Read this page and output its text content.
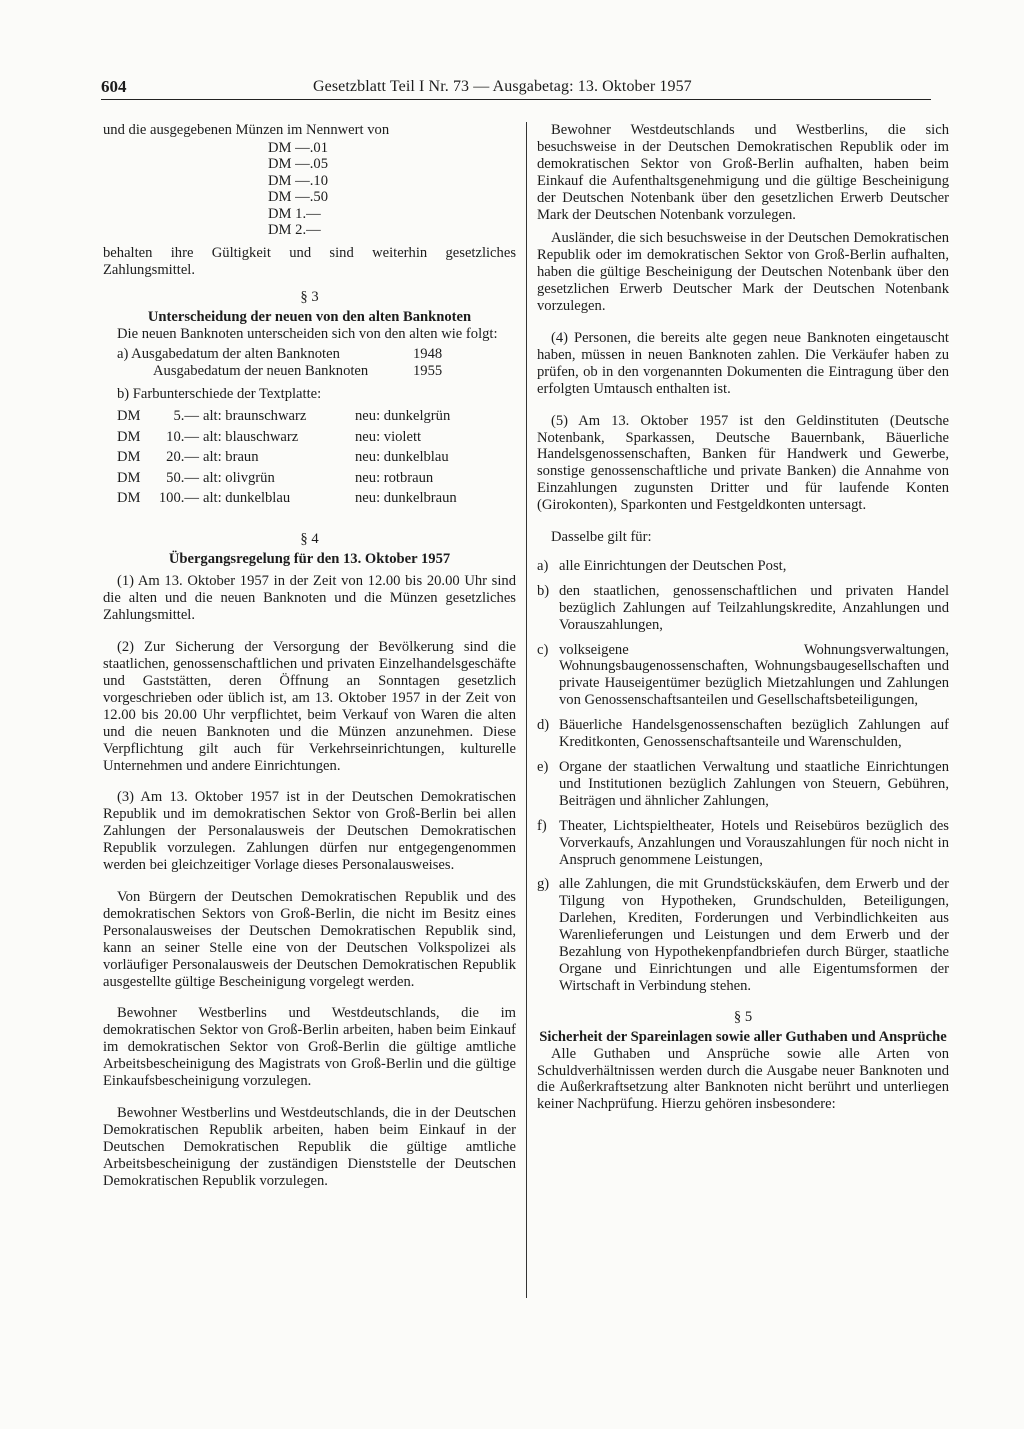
604	Gesetzblatt Teil I Nr. 73 — Ausgabetag: 13. Oktober 1957

und die ausgegebenen Münzen im Nennwert von

DM —.01
DM —.05
DM —.10
DM —.50
DM 1.—
DM 2.—

behalten ihre Gültigkeit und sind weiterhin gesetzliches Zahlungsmittel.

§ 3

Unterscheidung der neuen von den alten Banknoten

Die neuen Banknoten unterscheiden sich von den alten wie folgt:

a) Ausgabedatum der alten Banknoten	1948
Ausgabedatum der neuen Banknoten	1955

b) Farbunterschiede der Textplatte:

DM	5.— alt: braunschwarz	neu: dunkelgrün
DM	10.— alt: blauschwarz	neu: violett
DM	20.— alt: braun	neu: dunkelblau
DM	50.— alt: olivgrün	neu: rotbraun
DM	100.— alt: dunkelblau	neu: dunkelbraun

§ 4

Übergangsregelung für den 13. Oktober 1957

(1) Am 13. Oktober 1957 in der Zeit von 12.00 bis 20.00 Uhr sind die alten und die neuen Banknoten und die Münzen gesetzliches Zahlungsmittel.

(2) Zur Sicherung der Versorgung der Bevölkerung sind die staatlichen, genossenschaftlichen und privaten Einzelhandelsgeschäfte und Gaststätten, deren Öffnung an Sonntagen gesetzlich vorgeschrieben oder üblich ist, am 13. Oktober 1957 in der Zeit von 12.00 bis 20.00 Uhr verpflichtet, beim Verkauf von Waren die alten und die neuen Banknoten und die Münzen anzunehmen. Diese Verpflichtung gilt auch für Verkehrseinrichtungen, kulturelle Unternehmen und andere Einrichtungen.

(3) Am 13. Oktober 1957 ist in der Deutschen Demokratischen Republik und im demokratischen Sektor von Groß-Berlin bei allen Zahlungen der Personalausweis der Deutschen Demokratischen Republik vorzulegen. Zahlungen dürfen nur entgegengenommen werden bei gleichzeitiger Vorlage dieses Personalausweises.

Von Bürgern der Deutschen Demokratischen Republik und des demokratischen Sektors von Groß-Berlin, die nicht im Besitz eines Personalausweises der Deutschen Demokratischen Republik sind, kann an seiner Stelle eine von der Deutschen Volkspolizei als vorläufiger Personalausweis der Deutschen Demokratischen Republik ausgestellte gültige Bescheinigung vorgelegt werden.

Bewohner Westberlins und Westdeutschlands, die im demokratischen Sektor von Groß-Berlin arbeiten, haben beim Einkauf im demokratischen Sektor von Groß-Berlin die gültige amtliche Arbeitsbescheinigung des Magistrats von Groß-Berlin und die gültige Einkaufsbescheinigung vorzulegen.

Bewohner Westberlins und Westdeutschlands, die in der Deutschen Demokratischen Republik arbeiten, haben beim Einkauf in der Deutschen Demokratischen Republik die gültige amtliche Arbeitsbescheinigung der zuständigen Dienststelle der Deutschen Demokratischen Republik vorzulegen.

Bewohner Westdeutschlands und Westberlins, die sich besuchsweise in der Deutschen Demokratischen Republik oder im demokratischen Sektor von Groß-Berlin aufhalten, haben beim Einkauf die Aufenthaltsgenehmigung und die gültige Bescheinigung der Deutschen Notenbank über den gesetzlichen Erwerb Deutscher Mark der Deutschen Notenbank vorzulegen.

Ausländer, die sich besuchsweise in der Deutschen Demokratischen Republik oder im demokratischen Sektor von Groß-Berlin aufhalten, haben die gültige Bescheinigung der Deutschen Notenbank über den gesetzlichen Erwerb Deutscher Mark der Deutschen Notenbank vorzulegen.

(4) Personen, die bereits alte gegen neue Banknoten eingetauscht haben, müssen in neuen Banknoten zahlen. Die Verkäufer haben zu prüfen, ob in den vorgenannten Dokumenten die Eintragung über den erfolgten Umtausch enthalten ist.

(5) Am 13. Oktober 1957 ist den Geldinstituten (Deutsche Notenbank, Sparkassen, Deutsche Bauernbank, Bäuerliche Handelsgenossenschaften, Banken für Handwerk und Gewerbe, sonstige genossenschaftliche und private Banken) die Annahme von Einzahlungen zugunsten Dritter und für laufende Konten (Girokonten), Sparkonten und Festgeldkonten untersagt.

Dasselbe gilt für:

a) alle Einrichtungen der Deutschen Post,
b) den staatlichen, genossenschaftlichen und privaten Handel bezüglich Zahlungen auf Teilzahlungskredite, Anzahlungen und Vorauszahlungen,
c) volkseigene Wohnungsverwaltungen, Wohnungsbaugenossenschaften, Wohnungsbaugesellschaften und private Hauseigentümer bezüglich Mietzahlungen und Zahlungen von Genossenschaftsanteilen und Gesellschaftsbeteiligungen,
d) Bäuerliche Handelsgenossenschaften bezüglich Zahlungen auf Kreditkonten, Genossenschaftsanteile und Warenschulden,
e) Organe der staatlichen Verwaltung und staatliche Einrichtungen und Institutionen bezüglich Zahlungen von Steuern, Gebühren, Beiträgen und ähnlicher Zahlungen,
f) Theater, Lichtspieltheater, Hotels und Reisebüros bezüglich des Vorverkaufs, Anzahlungen und Vorauszahlungen für noch nicht in Anspruch genommene Leistungen,
g) alle Zahlungen, die mit Grundstückskäufen, dem Erwerb und der Tilgung von Hypotheken, Grundschulden, Beteiligungen, Darlehen, Krediten, Forderungen und Verbindlichkeiten aus Warenlieferungen und Leistungen und dem Erwerb und der Bezahlung von Hypothekenpfandbriefen durch Bürger, staatliche Organe und Einrichtungen und alle Eigentumsformen der Wirtschaft in Verbindung stehen.

§ 5

Sicherheit der Spareinlagen sowie aller Guthaben und Ansprüche

Alle Guthaben und Ansprüche sowie alle Arten von Schuldverhältnissen werden durch die Ausgabe neuer Banknoten und die Außerkraftsetzung alter Banknoten nicht berührt und unterliegen keiner Nachprüfung. Hierzu gehören insbesondere:
